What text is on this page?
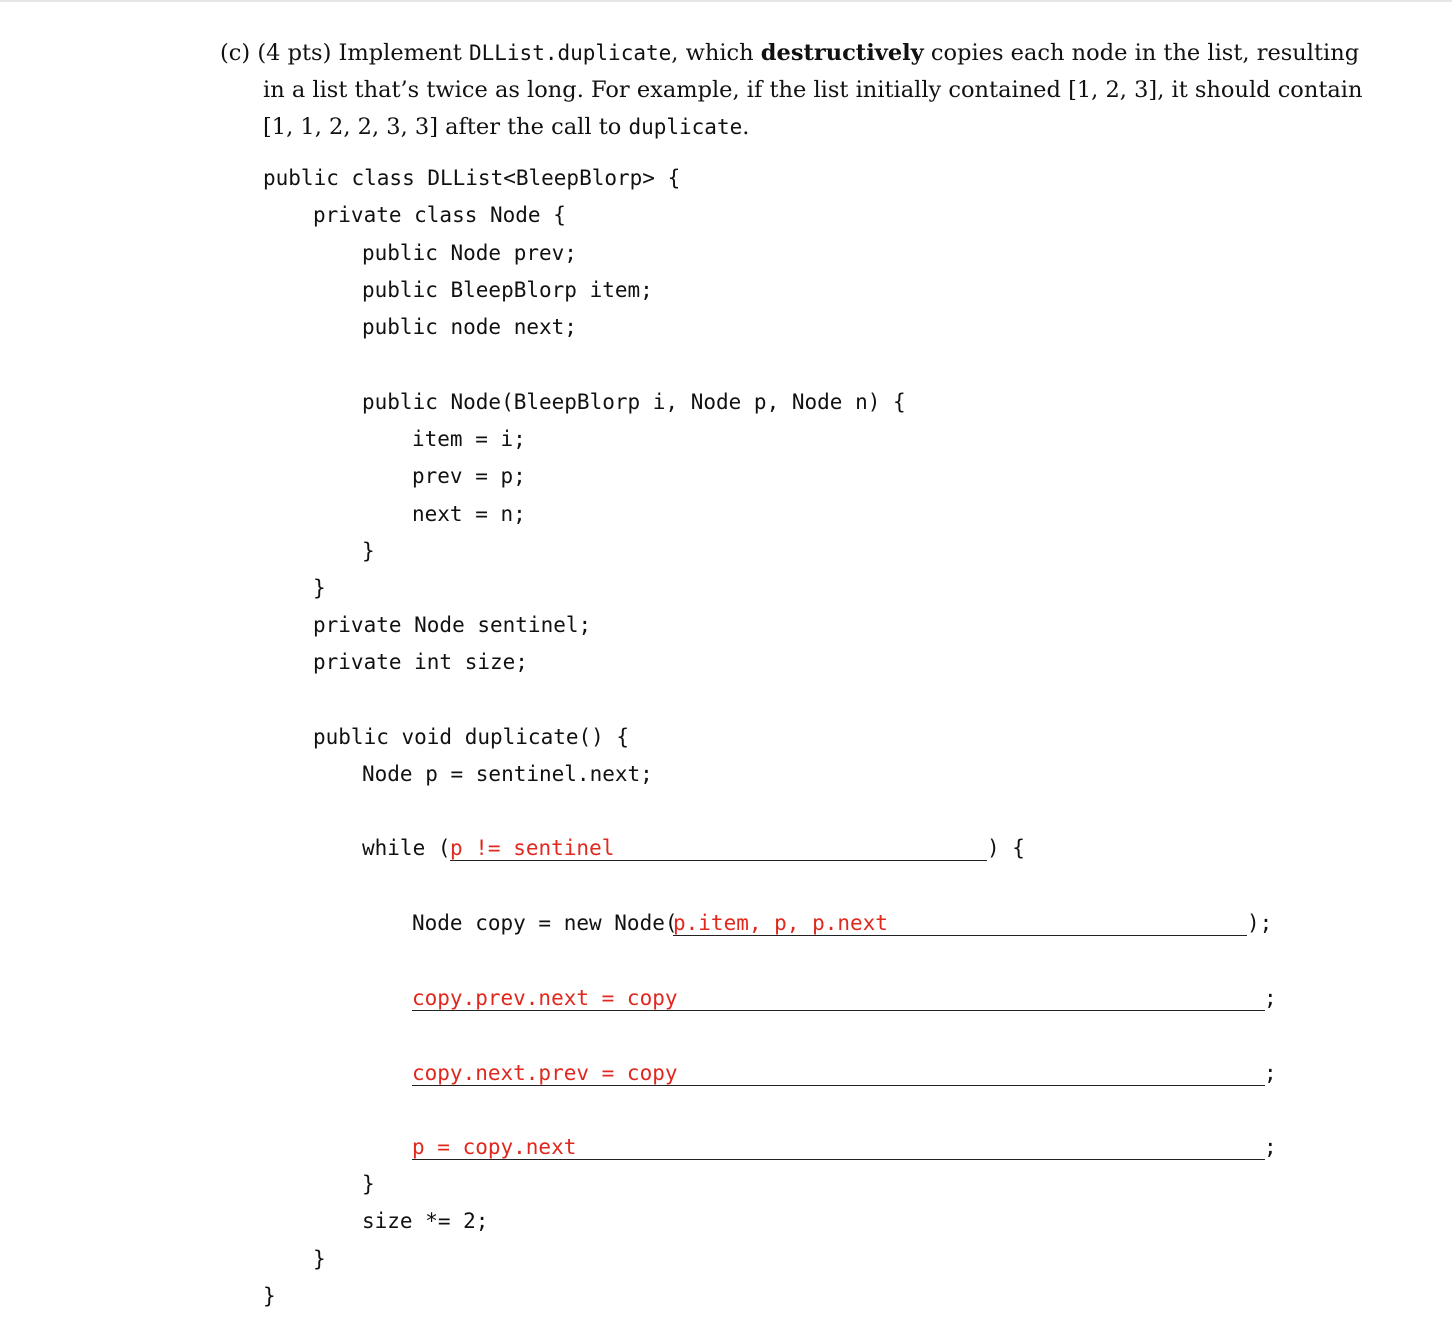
(c) (4 pts) Implement DLList.duplicate, which destructively copies each node in the list, resulting
in a list that’s twice as long. For example, if the list initially contained [1, 2, 3], it should contain
[1, 1, 2, 2, 3, 3] after the call to duplicate.
public class DLList<BleepBlorp> {
private class Node {
public Node prev;
public BleepBlorp item;
public node next;
public Node(BleepBlorp i, Node p, Node n) {
item = i;
prev = p;
next = n;
}
}
private Node sentinel;
private int size;
public void duplicate() {
Node p = sentinel.next;
while ( p != sentinel	) {
Node copy = new Node(
p.item, p, p.next	);
copy.prev.next = copy	;
copy.next.prev = copy	;
p = copy.next	;
}
size *= 2;
}
}
